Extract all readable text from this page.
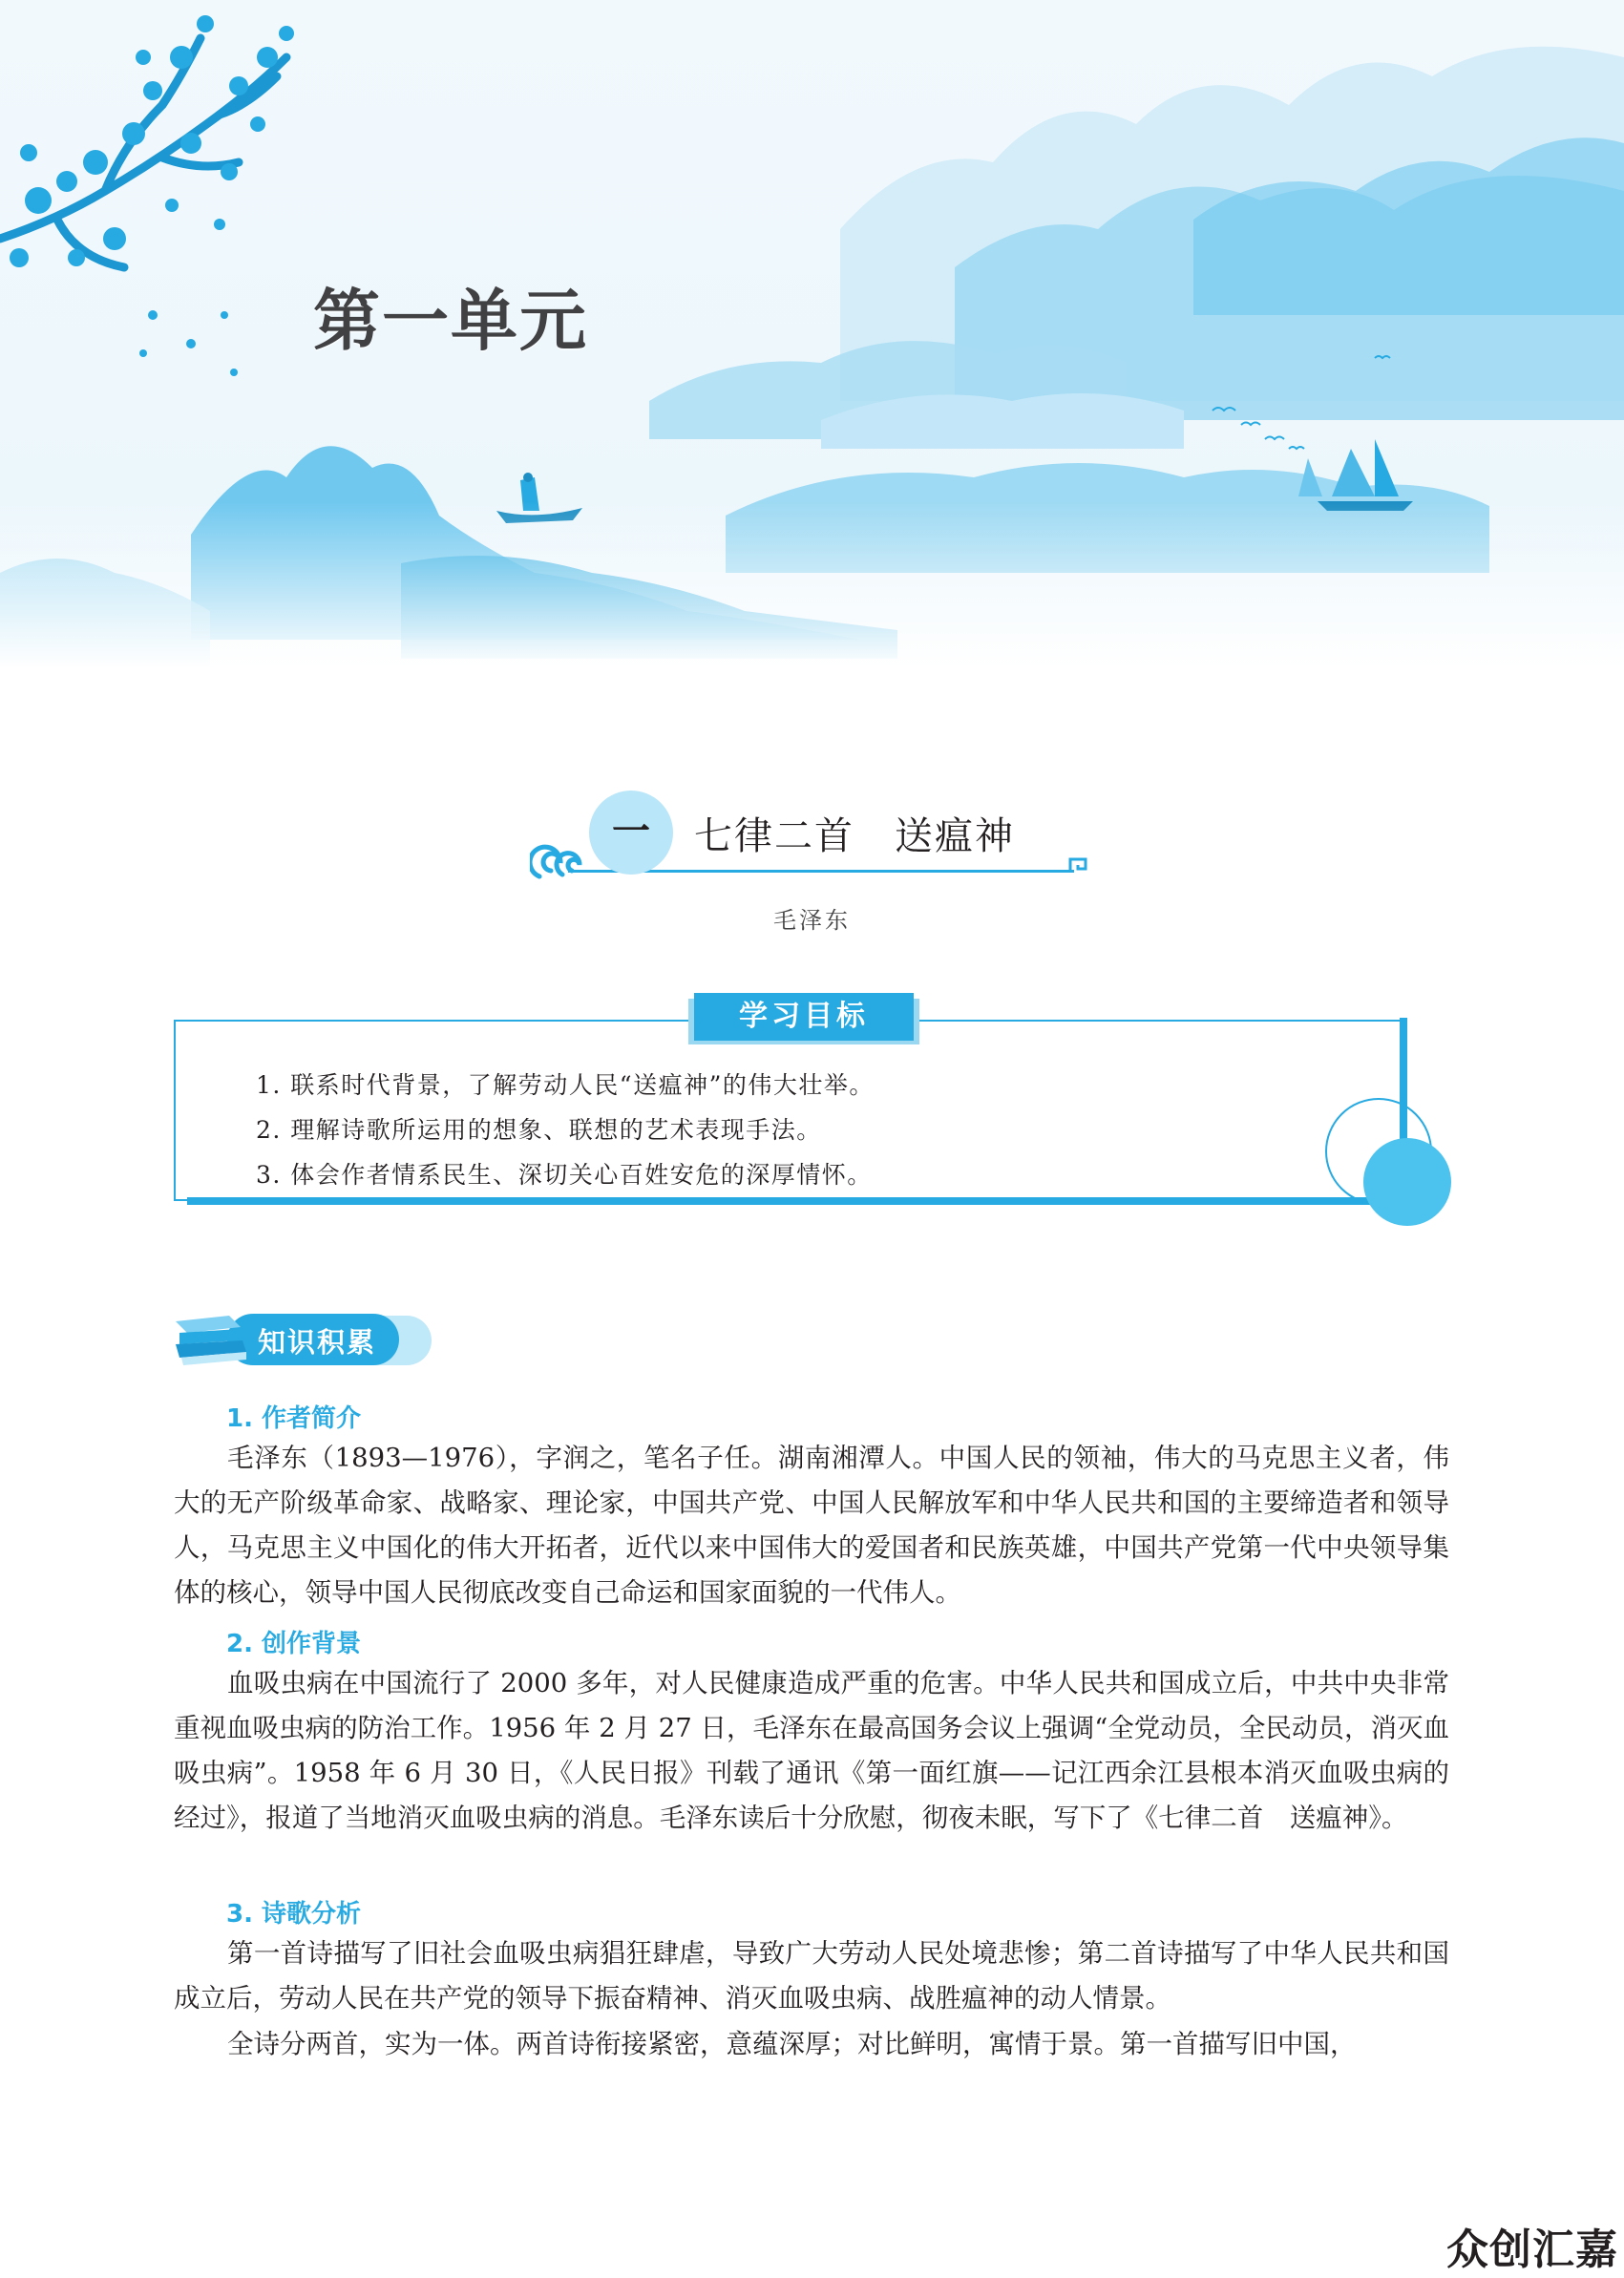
第一单元
一	七律二首　送瘟神
毛泽东
学习目标
1. 联系时代背景，了解劳动人民“送瘟神”的伟大壮举。
2. 理解诗歌所运用的想象、联想的艺术表现手法。
3. 体会作者情系民生、深切关心百姓安危的深厚情怀。
知识积累
1. 作者简介
毛泽东（1893—1976），字润之，笔名子任。湖南湘潭人。中国人民的领袖，伟大的马克思主义者，伟大的无产阶级革命家、战略家、理论家，中国共产党、中国人民解放军和中华人民共和国的主要缔造者和领导人，马克思主义中国化的伟大开拓者，近代以来中国伟大的爱国者和民族英雄，中国共产党第一代中央领导集体的核心，领导中国人民彻底改变自己命运和国家面貌的一代伟人。
2. 创作背景
血吸虫病在中国流行了 2000 多年，对人民健康造成严重的危害。中华人民共和国成立后，中共中央非常重视血吸虫病的防治工作。1956 年 2 月 27 日，毛泽东在最高国务会议上强调“全党动员，全民动员，消灭血吸虫病”。1958 年 6 月 30 日，《人民日报》刊载了通讯《第一面红旗——记江西余江县根本消灭血吸虫病的经过》，报道了当地消灭血吸虫病的消息。毛泽东读后十分欣慰，彻夜未眠，写下了《七律二首　送瘟神》。
3. 诗歌分析
第一首诗描写了旧社会血吸虫病猖狂肆虐，导致广大劳动人民处境悲惨；第二首诗描写了中华人民共和国成立后，劳动人民在共产党的领导下振奋精神、消灭血吸虫病、战胜瘟神的动人情景。
全诗分两首，实为一体。两首诗衔接紧密，意蕴深厚；对比鲜明，寓情于景。第一首描写旧中国，
众创汇嘉
